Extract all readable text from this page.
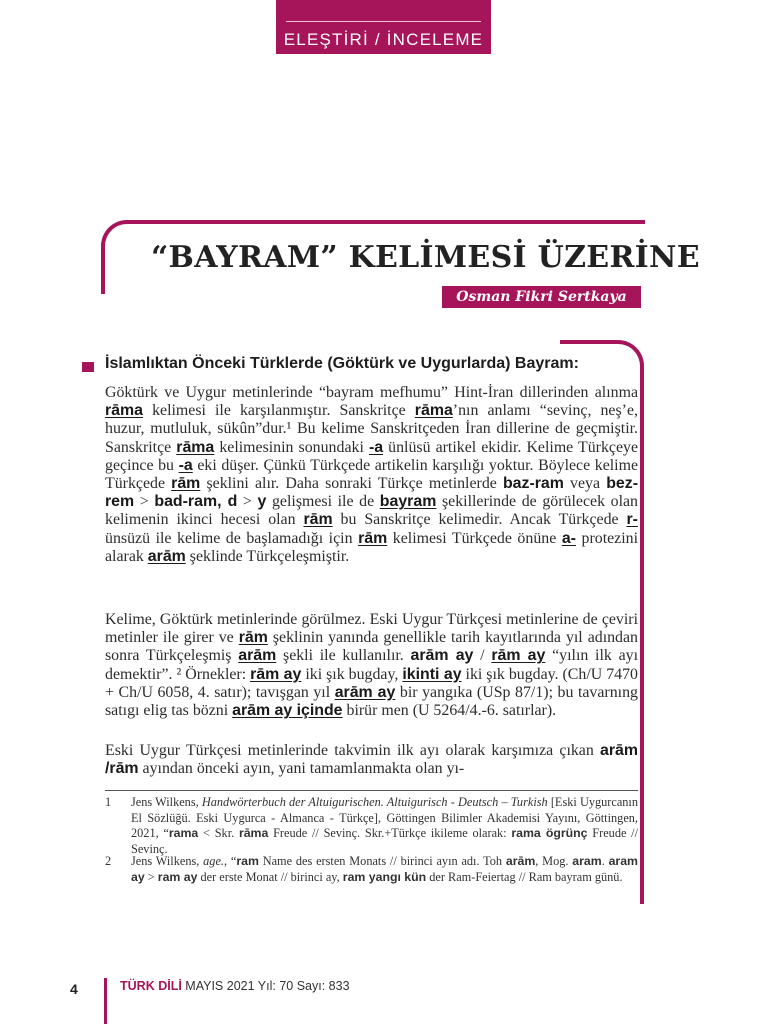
ELEŞTİRİ / İNCELEME
“BAYRAM” KELİMESİ ÜZERİNE
Osman Fikri Sertkaya
İslamlıktan Önceki Türklerde (Göktürk ve Uygurlarda) Bayram:

Göktürk ve Uygur metinlerinde “bayram mefhumu” Hint-İran dillerinden alınma rāma kelimesi ile karşılanmıştır. Sanskritçe rāma’nın anlamı “sevinç, neş’e, huzur, mutluluk, sükûn”dur.¹ Bu kelime Sanskritçeden İran dillerine de geçmiştir. Sanskritçe rāma kelimesinin sonundaki -a ünlüsü artikel ekidir. Kelime Türkçeye geçince bu -a eki düşer. Çünkü Türkçede artikelin karşılığı yoktur. Böylece kelime Türkçede rām şeklini alır. Daha sonraki Türkçe metinlerde baz-ram veya bez-rem > bad-ram, d > y gelişmesi ile de bayram şekillerinde de görülecek olan kelimenin ikinci hecesi olan rām bu Sanskritçe kelimedir. Ancak Türkçede r- ünsüzü ile kelime de başlamadığı için rām kelimesi Türkçede önüne a- protezini alarak arām şeklinde Türkçeleşmiştir.

Kelime, Göktürk metinlerinde görülmez. Eski Uygur Türkçesi metinlerine de çeviri metinler ile girer ve rām şeklinin yanında genellikle tarih kayıtlarında yıl adından sonra Türkçeleşmiş arām şekli ile kullanılır. arām ay / rām ay “yılın ilk ayı demektir”. ² Örnekler: rām ay iki şık bugday, ikinti ay iki şık bugday. (Ch/U 7470 + Ch/U 6058, 4. satır); tavışgan yıl arām ay bir yangıka (USp 87/1); bu tavarnıng satıgı elig tas bözni arām ay içinde birür men (U 5264/4.-6. satırlar).

Eski Uygur Türkçesi metinlerinde takvimin ilk ayı olarak karşımıza çıkan arām /rām ayından önceki ayın, yani tamamlanmakta olan yı-

1 Jens Wilkens, Handwörterbuch der Altuigurischen. Altuigurisch - Deutsch – Turkish [Eski Uygurcanın El Sözlüğü. Eski Uygurca - Almanca - Türkçe], Göttingen Bilimler Akademisi Yayını, Göttingen, 2021, “rama < Skr. rāma Freude // Sevinç. Skr.+Türkçe ikileme olarak: rama ögrünç Freude // Sevinç.
2 Jens Wilkens, age., “ram Name des ersten Monats // birinci ayın adı. Toh arām, Mog. aram. aram ay > ram ay der erste Monat // birinci ay, ram yangı kün der Ram-Feiertag // Ram bayram günü.
4	TÜRK DİLİ MAYIS 2021 Yıl: 70 Sayı: 833
